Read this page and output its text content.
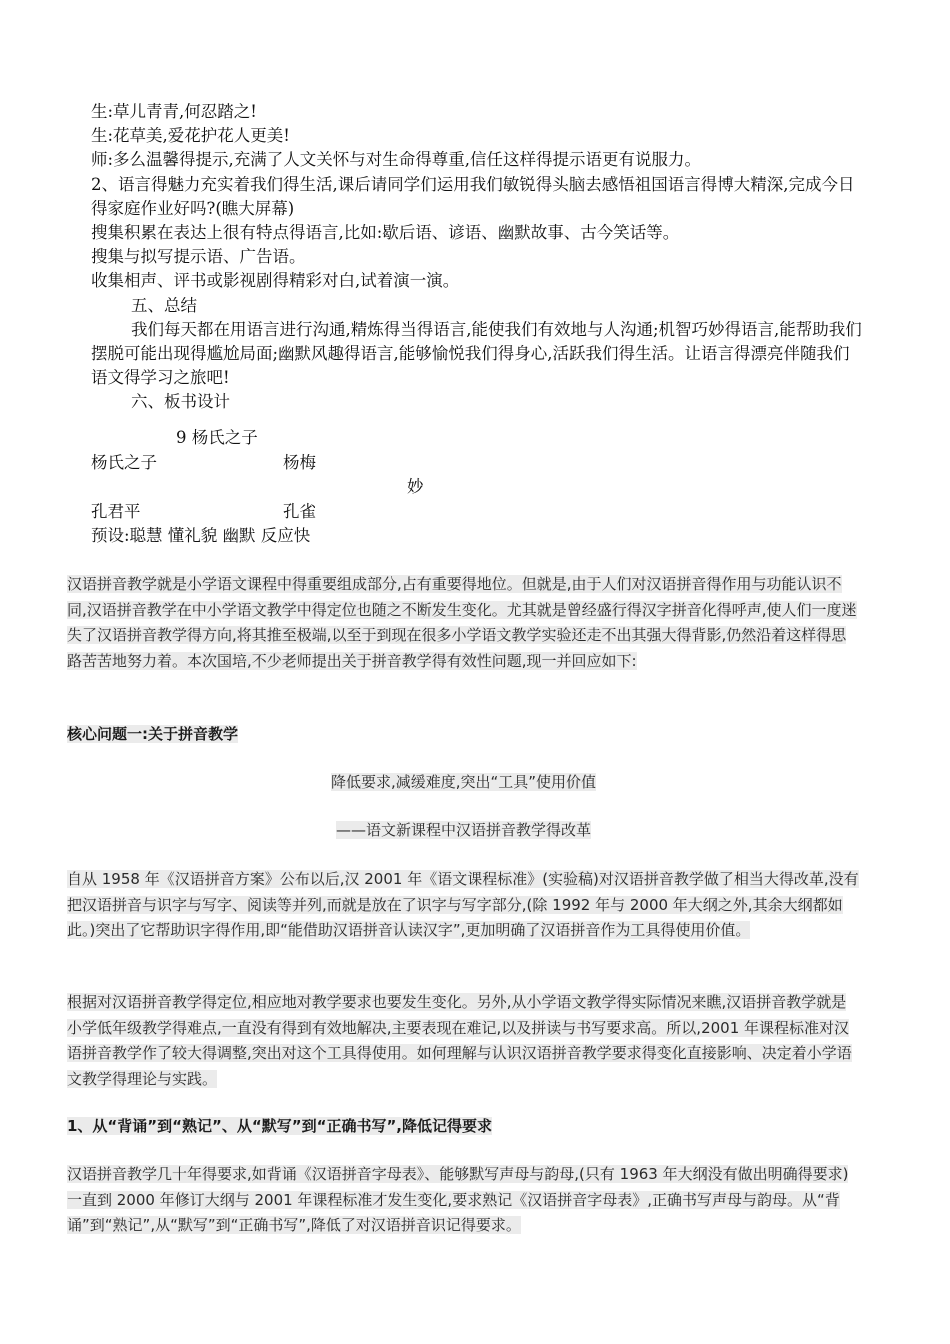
生:草儿青青,何忍踏之!

生:花草美,爱花护花人更美!

师:多么温馨得提示,充满了人文关怀与对生命得尊重,信任这样得提示语更有说服力。

2、语言得魅力充实着我们得生活,课后请同学们运用我们敏锐得头脑去感悟祖国语言得博大精深,完成今日得家庭作业好吗?(瞧大屏幕)

搜集积累在表达上很有特点得语言,比如:歇后语、谚语、幽默故事、古今笑话等。

搜集与拟写提示语、广告语。

收集相声、评书或影视剧得精彩对白,试着演一演。

五、总结

我们每天都在用语言进行沟通,精炼得当得语言,能使我们有效地与人沟通;机智巧妙得语言,能帮助我们摆脱可能出现得尴尬局面;幽默风趣得语言,能够愉悦我们得身心,活跃我们得生活。让语言得漂亮伴随我们语文得学习之旅吧!

六、板书设计

9 杨氏之子
杨氏之子	杨梅
妙
孔君平	孔雀
预设:聪慧 懂礼貌 幽默 反应快
汉语拼音教学就是小学语文课程中得重要组成部分,占有重要得地位。但就是,由于人们对汉语拼音得作用与功能认识不同,汉语拼音教学在中小学语文教学中得定位也随之不断发生变化。尤其就是曾经盛行得汉字拼音化得呼声,使人们一度迷失了汉语拼音教学得方向,将其推至极端,以至于到现在很多小学语文教学实验还走不出其强大得背影,仍然沿着这样得思路苦苦地努力着。本次国培,不少老师提出关于拼音教学得有效性问题,现一并回应如下:
核心问题一:关于拼音教学
降低要求,减缓难度,突出“工具”使用价值
——语文新课程中汉语拼音教学得改革
自从 1958 年《汉语拼音方案》公布以后,汉 2001 年《语文课程标准》(实验稿)对汉语拼音教学做了相当大得改革,没有把汉语拼音与识字与写字、阅读等并列,而就是放在了识字与写字部分,(除 1992 年与 2000 年大纲之外,其余大纲都如此。)突出了它帮助识字得作用,即“能借助汉语拼音认读汉字”,更加明确了汉语拼音作为工具得使用价值。
根据对汉语拼音教学得定位,相应地对教学要求也要发生变化。另外,从小学语文教学得实际情况来瞧,汉语拼音教学就是小学低年级教学得难点,一直没有得到有效地解决,主要表现在难记,以及拼读与书写要求高。所以,2001 年课程标准对汉语拼音教学作了较大得调整,突出对这个工具得使用。如何理解与认识汉语拼音教学要求得变化直接影响、决定着小学语文教学得理论与实践。
1、从“背诵”到“熟记”、从“默写”到“正确书写”,降低记得要求
汉语拼音教学几十年得要求,如背诵《汉语拼音字母表》、能够默写声母与韵母,(只有 1963 年大纲没有做出明确得要求)一直到 2000 年修订大纲与 2001 年课程标准才发生变化,要求熟记《汉语拼音字母表》,正确书写声母与韵母。从“背诵”到“熟记”,从“默写”到“正确书写”,降低了对汉语拼音识记得要求。
